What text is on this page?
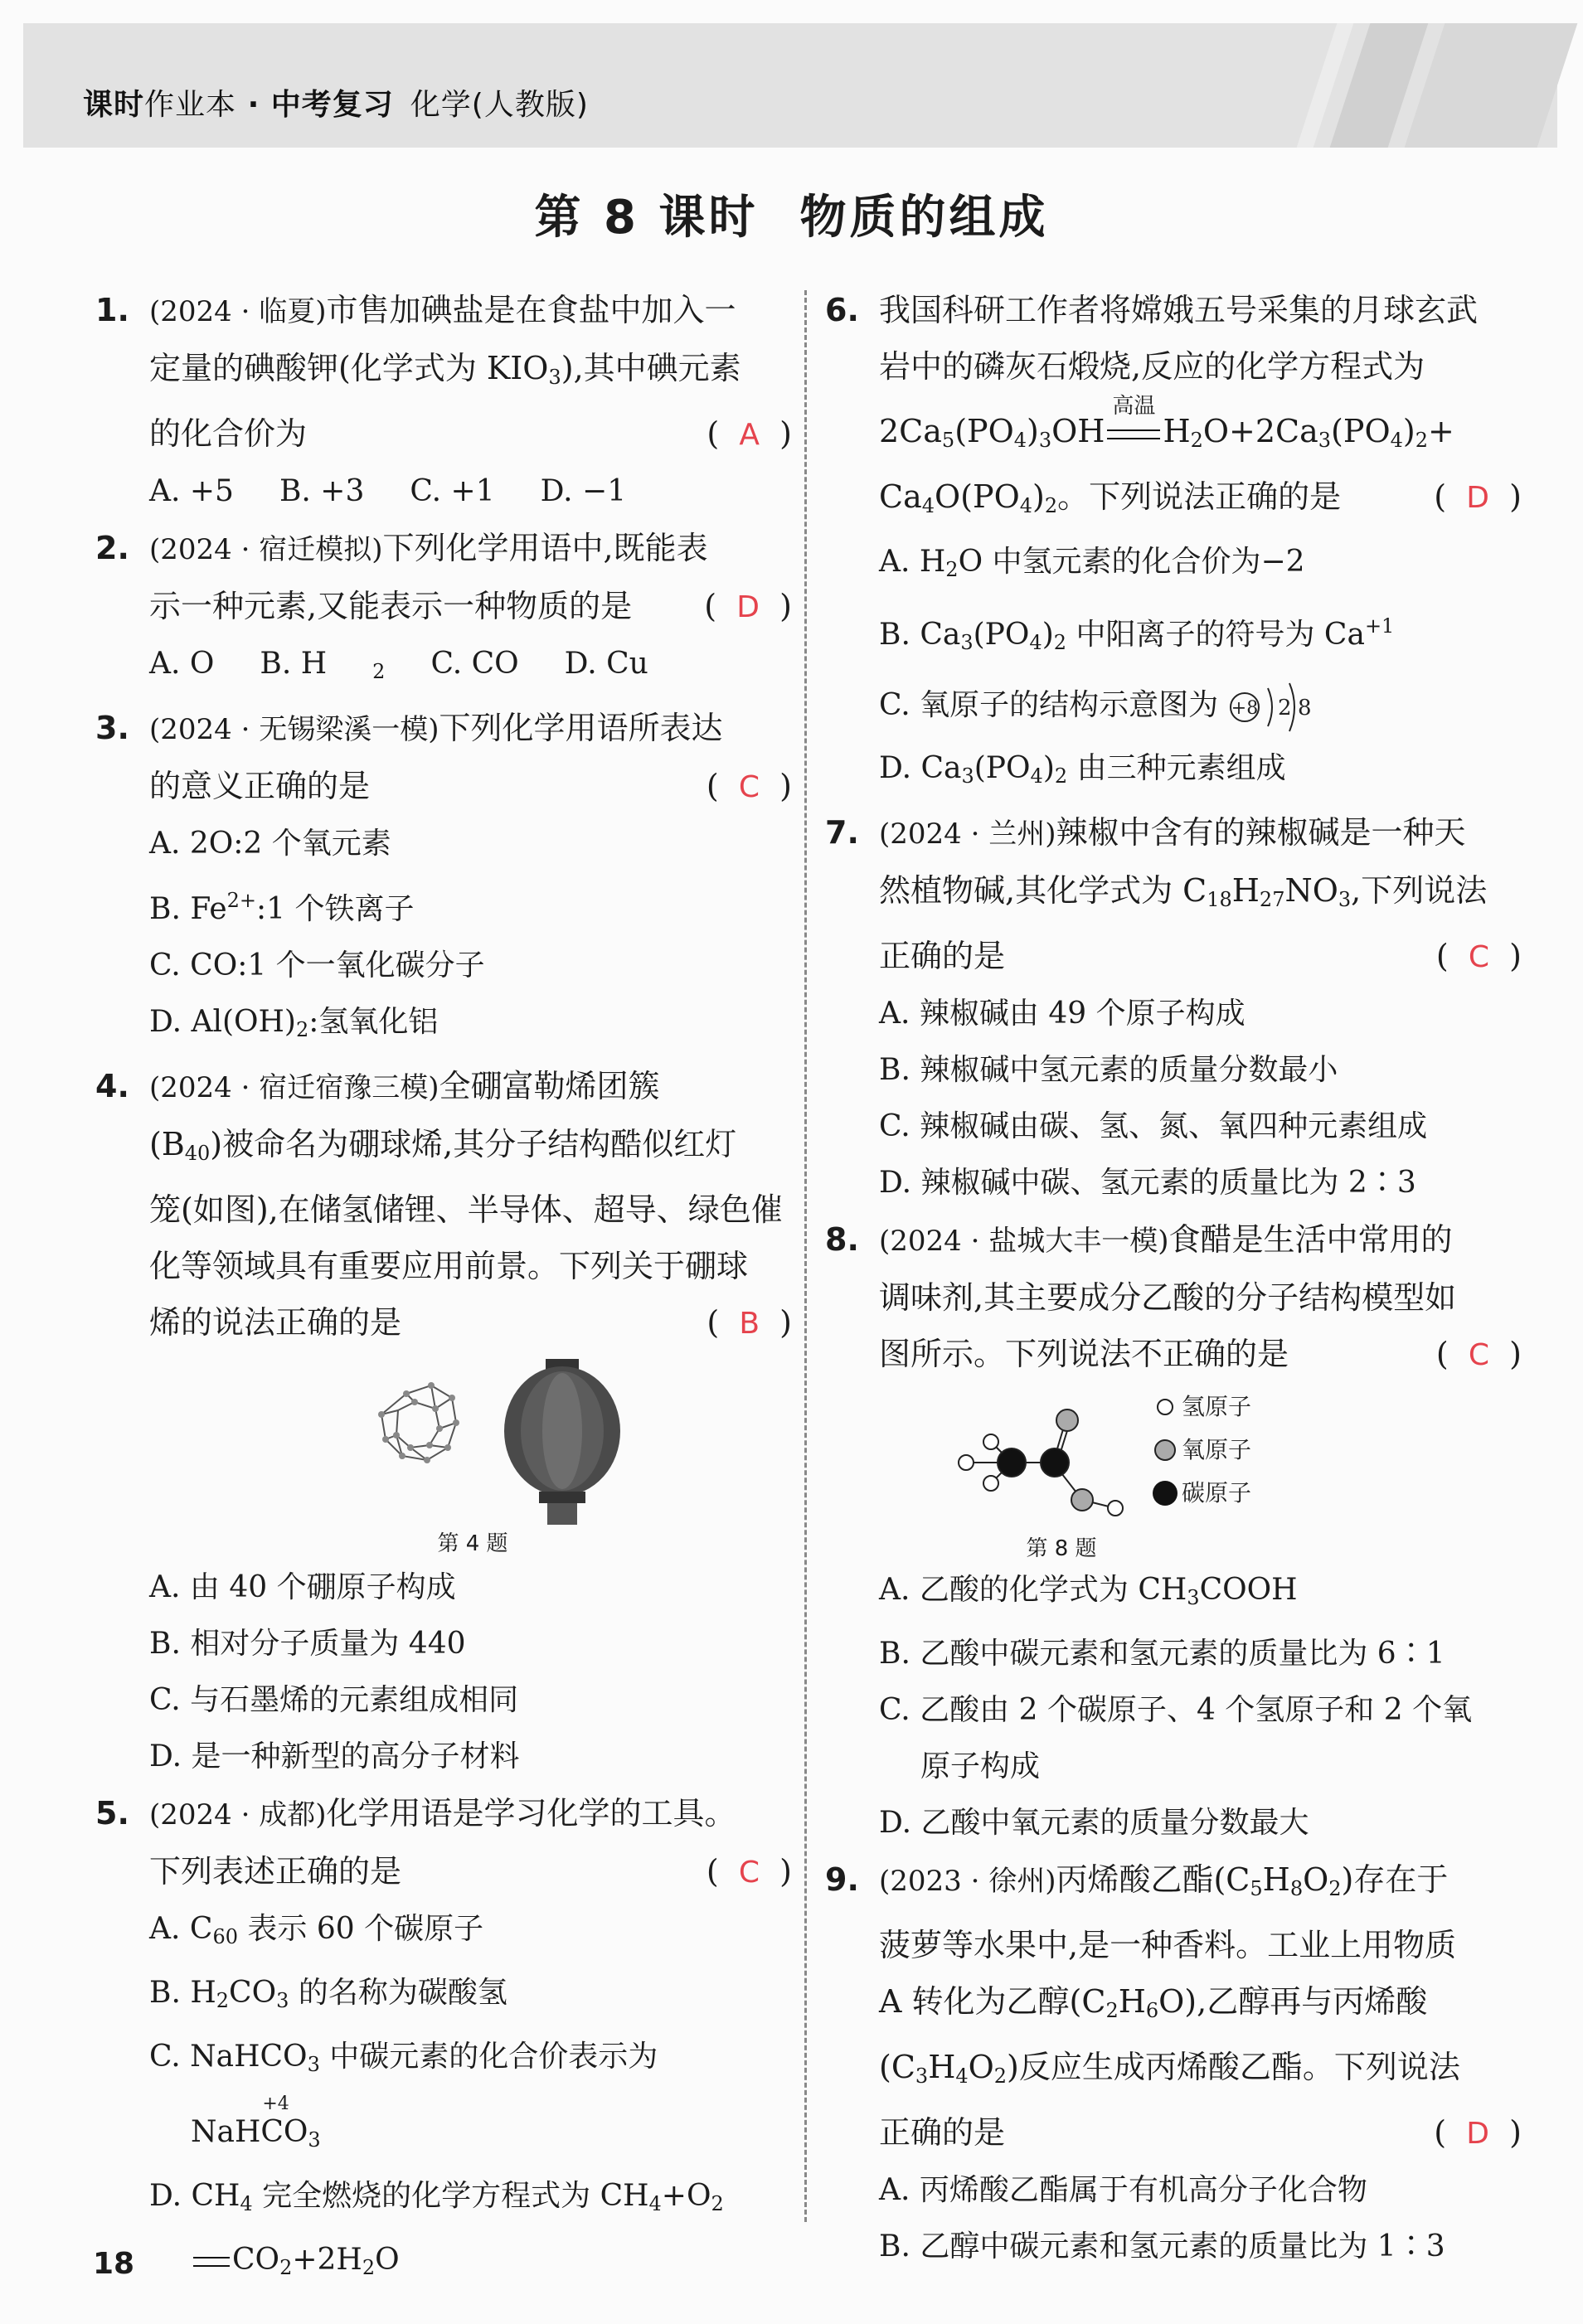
课时作业本 · 中考复习 化学(人教版)
第 8 课时 物质的组成
1. (2024 · 临夏)市售加碘盐是在食盐中加入一
定量的碘酸钾(化学式为 $KIO_3$),其中碘元素
的化合价为	(  A  )
A. +5 B. +3 C. +1 D. −1
2. (2024 · 宿迁模拟)下列化学用语中,既能表
示一种元素,又能表示一种物质的是 (  D  )
A. O B. H $_2$ C. CO D. Cu
3. (2024 · 无锡梁溪一模)下列化学用语所表达
的意义正确的是	(  C  )
A. 2O:2 个氧元素
B. $Fe^{2+}:1$ 个铁离子
C. CO:1 个一氧化碳分子
D. $Al(OH)_2$:氢氧化铝
4. (2024 · 宿迁宿豫三模)全硼富勒烯团簇
$(B_{40})$被命名为硼球烯,其分子结构酷似红灯
笼(如图),在储氢储锂、半导体、超导、绿色催
化等领域具有重要应用前景。下列关于硼球
烯的说法正确的是	(  B  )
第 4 题
A. 由 40 个硼原子构成
B. 相对分子质量为 440
C. 与石墨烯的元素组成相同
D. 是一种新型的高分子材料
5. (2024 · 成都)化学用语是学习化学的工具。
下列表述正确的是	(  C  )
A. $C_{60}$ 表示 60 个碳原子
B. $H_2CO_3$ 的名称为碳酸氢
C. NaHCO$_3$ 中碳元素的化合价表示为
NaH
+4
$CO_3$
D. $CH_4$ 完全燃烧的化学方程式为 $CH_4+O_2$
$CO_2+2H_2O$
6. 我国科研工作者将嫦娥五号采集的月球玄武
岩中的磷灰石煅烧,反应的化学方程式为
$2Ca_5(PO_4)_3OH$
高温
$H_2O+2Ca_3(PO_4)_2+$
$Ca_4O(PO_4)_2$。下列说法正确的是	(  D  )
A. $H_2O$ 中氢元素的化合价为−2
B. $Ca_3(PO_4)_2$ 中阳离子的符号为 $Ca^{+1}$
C. 氧原子的结构示意图为 +8 2 8
D. $Ca_3(PO_4)_2$ 由三种元素组成
7. (2024 · 兰州)辣椒中含有的辣椒碱是一种天
然植物碱,其化学式为 $C_{18}H_{27}NO_3$,下列说法
正确的是	(  C  )
A. 辣椒碱由 49 个原子构成
B. 辣椒碱中氢元素的质量分数最小
C. 辣椒碱由碳、氢、氮、氧四种元素组成
D. 辣椒碱中碳、氢元素的质量比为 2∶3
8. (2024 · 盐城大丰一模)食醋是生活中常用的
调味剂,其主要成分乙酸的分子结构模型如
图所示。下列说法不正确的是	(  C  )
氢原子
氧原子
碳原子
第 8 题
A. 乙酸的化学式为 $CH_3COOH$
B. 乙酸中碳元素和氢元素的质量比为 6∶1
C. 乙酸由 2 个碳原子、4 个氢原子和 2 个氧
原子构成
D. 乙酸中氧元素的质量分数最大
9. (2023 · 徐州)丙烯酸乙酯$(C_5H_8O_2)$存在于
菠萝等水果中,是一种香料。工业上用物质
A 转化为乙醇$(C_2H_6O)$,乙醇再与丙烯酸
$(C_3H_4O_2)$反应生成丙烯酸乙酯。下列说法
正确的是	(  D  )
A. 丙烯酸乙酯属于有机高分子化合物
B. 乙醇中碳元素和氢元素的质量比为 1∶3
18
